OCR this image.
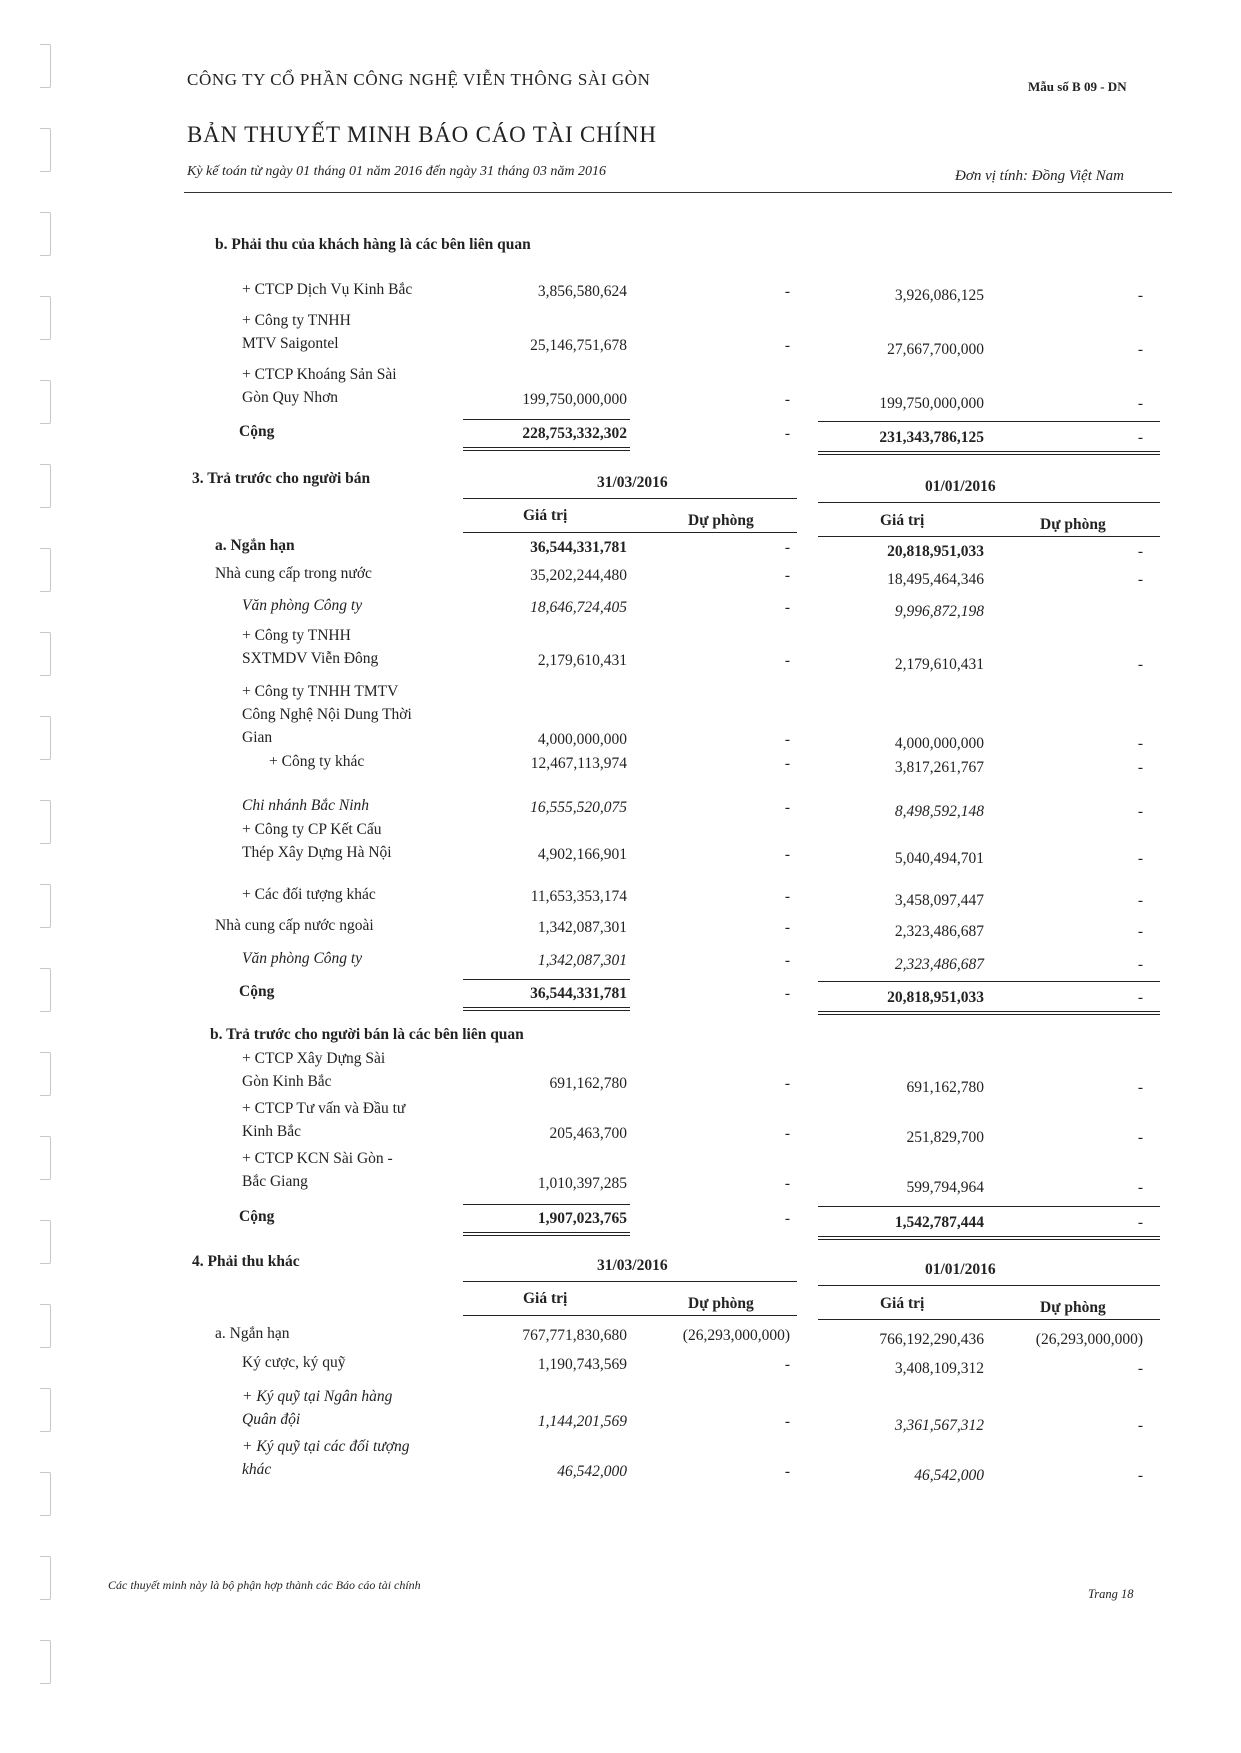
CÔNG TY CỔ PHẦN CÔNG NGHỆ VIỄN THÔNG SÀI GÒN	Mẫu số B 09 - DN
BẢN THUYẾT MINH BÁO CÁO TÀI CHÍNH
Kỳ kế toán từ ngày 01 tháng 01 năm 2016 đến ngày 31 tháng 03 năm 2016	Đơn vị tính: Đồng Việt Nam
b. Phải thu của khách hàng là các bên liên quan
+ CTCP Dịch Vụ Kinh Bắc	3,856,580,624	-	3,926,086,125	-
+ Công ty TNHH
MTV Saigontel	25,146,751,678	-	27,667,700,000	-
+ CTCP Khoáng Sản Sài
Gòn Quy Nhơn	199,750,000,000	-	199,750,000,000	-
Cộng	228,753,332,302	-	231,343,786,125	-
3. Trả trước cho người bán	31/03/2016	01/01/2016
Giá trị	Dự phòng	Giá trị	Dự phòng
a. Ngắn hạn	36,544,331,781	-	20,818,951,033	-
Nhà cung cấp trong nước	35,202,244,480	-	18,495,464,346	-
Văn phòng Công ty	18,646,724,405	-	9,996,872,198
+ Công ty TNHH
SXTMDV Viễn Đông	2,179,610,431	-	2,179,610,431	-
+ Công ty TNHH TMTV
Công Nghệ Nội Dung Thời
Gian	4,000,000,000	-	4,000,000,000	-
+ Công ty khác	12,467,113,974	-	3,817,261,767	-
Chi nhánh Bắc Ninh	16,555,520,075	-	8,498,592,148	-
+ Công ty CP Kết Cấu
Thép Xây Dựng Hà Nội	4,902,166,901	-	5,040,494,701	-
+ Các đối tượng khác	11,653,353,174	-	3,458,097,447	-
Nhà cung cấp nước ngoài	1,342,087,301	-	2,323,486,687	-
Văn phòng Công ty	1,342,087,301	-	2,323,486,687	-
Cộng	36,544,331,781	-	20,818,951,033	-
b. Trả trước cho người bán là các bên liên quan
+ CTCP Xây Dựng Sài
Gòn Kinh Bắc	691,162,780	-	691,162,780	-
+ CTCP Tư vấn và Đầu tư
Kinh Bắc	205,463,700	-	251,829,700	-
+ CTCP KCN Sài Gòn -
Bắc Giang	1,010,397,285	-	599,794,964	-
Cộng	1,907,023,765	-	1,542,787,444	-
4. Phải thu khác	31/03/2016	01/01/2016
Giá trị	Dự phòng	Giá trị	Dự phòng
a. Ngắn hạn	767,771,830,680	(26,293,000,000)	766,192,290,436	(26,293,000,000)
Ký cược, ký quỹ	1,190,743,569	-	3,408,109,312	-
+ Ký quỹ tại Ngân hàng
Quân đội	1,144,201,569	-	3,361,567,312	-
+ Ký quỹ tại các đối tượng
khác	46,542,000	-	46,542,000	-
Các thuyết minh này là bộ phận hợp thành các Báo cáo tài chính
Trang 18
